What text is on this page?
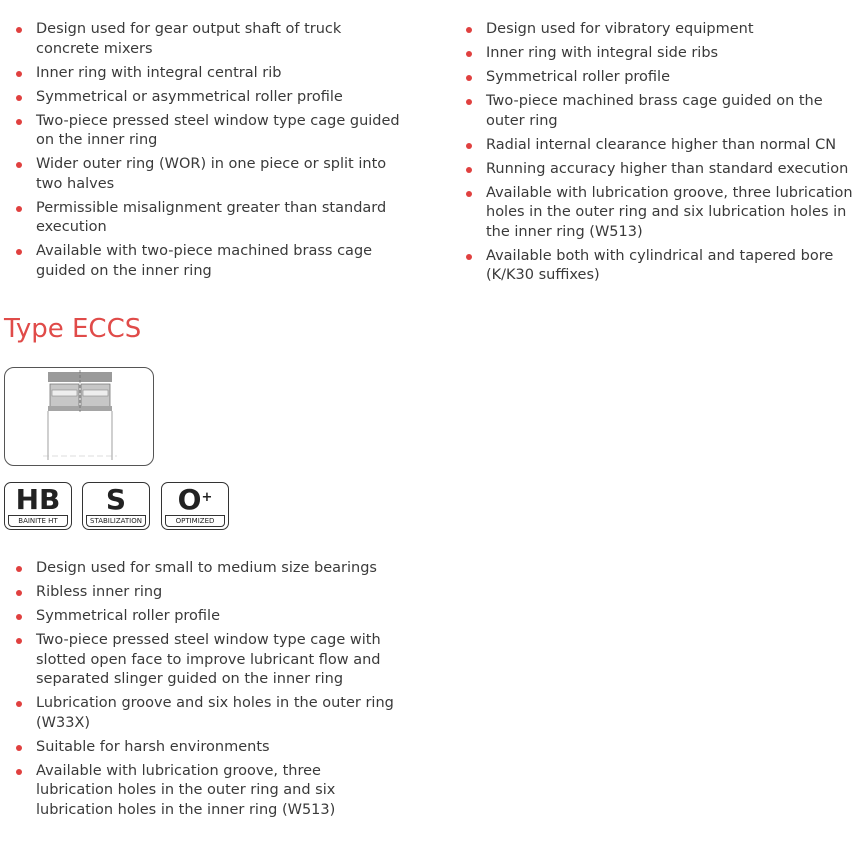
Design used for gear output shaft of truck concrete mixers
Inner ring with integral central rib
Symmetrical or asymmetrical roller profile
Two-piece pressed steel window type cage guided on the inner ring
Wider outer ring (WOR) in one piece or split into two halves
Permissible misalignment greater than standard execution
Available with two-piece machined brass cage guided on the inner ring
Design used for vibratory equipment
Inner ring with integral side ribs
Symmetrical roller profile
Two-piece machined brass cage guided on the outer ring
Radial internal clearance higher than normal CN
Running accuracy higher than standard execution
Available with lubrication groove, three lubrication holes in the outer ring and six lubrication holes in the inner ring (W513)
Available both with cylindrical and tapered bore (K/K30 suffixes)
Type ECCS
HB
BAINITE HT
S
STABILIZATION
O+
OPTIMIZED
Design used for small to medium size bearings
Ribless inner ring
Symmetrical roller profile
Two-piece pressed steel window type cage with slotted open face to improve lubricant flow and separated slinger guided on the inner ring
Lubrication groove and six holes in the outer ring (W33X)
Suitable for harsh environments
Available with lubrication groove, three lubrication holes in the outer ring and six lubrication holes in the inner ring (W513)
